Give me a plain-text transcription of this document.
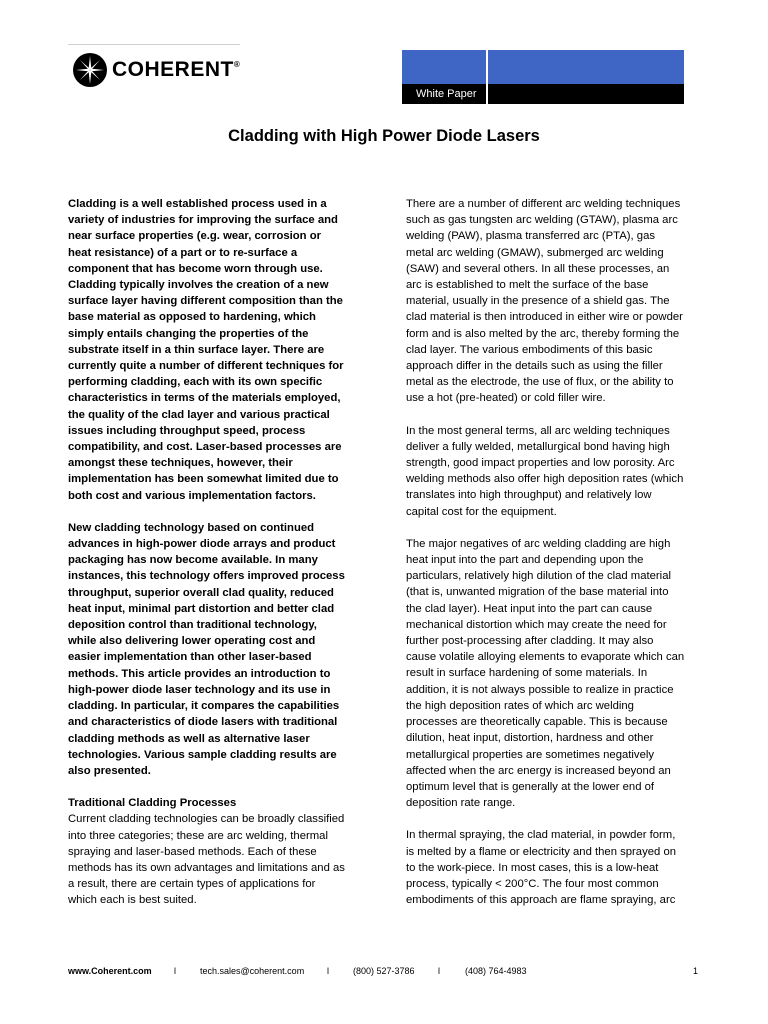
COHERENT®
White Paper
Cladding with High Power Diode Lasers

Cladding is a well established process used in a
variety of industries for improving the surface and
near surface properties (e.g. wear, corrosion or
heat resistance) of a part or to re-surface a
component that has become worn through use.
Cladding typically involves the creation of a new
surface layer having different composition than the
base material as opposed to hardening, which
simply entails changing the properties of the
substrate itself in a thin surface layer. There are
currently quite a number of different techniques for
performing cladding, each with its own specific
characteristics in terms of the materials employed,
the quality of the clad layer and various practical
issues including throughput speed, process
compatibility, and cost. Laser-based processes are
amongst these techniques, however, their
implementation has been somewhat limited due to
both cost and various implementation factors.

New cladding technology based on continued
advances in high-power diode arrays and product
packaging has now become available. In many
instances, this technology offers improved process
throughput, superior overall clad quality, reduced
heat input, minimal part distortion and better clad
deposition control than traditional technology,
while also delivering lower operating cost and
easier implementation than other laser-based
methods. This article provides an introduction to
high-power diode laser technology and its use in
cladding. In particular, it compares the capabilities
and characteristics of diode lasers with traditional
cladding methods as well as alternative laser
technologies. Various sample cladding results are
also presented.

Traditional Cladding Processes
Current cladding technologies can be broadly classified
into three categories; these are arc welding, thermal
spraying and laser-based methods. Each of these
methods has its own advantages and limitations and as
a result, there are certain types of applications for
which each is best suited.

There are a number of different arc welding techniques
such as gas tungsten arc welding (GTAW), plasma arc
welding (PAW), plasma transferred arc (PTA), gas
metal arc welding (GMAW), submerged arc welding
(SAW) and several others. In all these processes, an
arc is established to melt the surface of the base
material, usually in the presence of a shield gas. The
clad material is then introduced in either wire or powder
form and is also melted by the arc, thereby forming the
clad layer. The various embodiments of this basic
approach differ in the details such as using the filler
metal as the electrode, the use of flux, or the ability to
use a hot (pre-heated) or cold filler wire.

In the most general terms, all arc welding techniques
deliver a fully welded, metallurgical bond having high
strength, good impact properties and low porosity. Arc
welding methods also offer high deposition rates (which
translates into high throughput) and relatively low
capital cost for the equipment.

The major negatives of arc welding cladding are high
heat input into the part and depending upon the
particulars, relatively high dilution of the clad material
(that is, unwanted migration of the base material into
the clad layer). Heat input into the part can cause
mechanical distortion which may create the need for
further post-processing after cladding. It may also
cause volatile alloying elements to evaporate which can
result in surface hardening of some materials. In
addition, it is not always possible to realize in practice
the high deposition rates of which arc welding
processes are theoretically capable. This is because
dilution, heat input, distortion, hardness and other
metallurgical properties are sometimes negatively
affected when the arc energy is increased beyond an
optimum level that is generally at the lower end of
deposition rate range.

In thermal spraying, the clad material, in powder form,
is melted by a flame or electricity and then sprayed on
to the work-piece. In most cases, this is a low-heat
process, typically < 200°C. The four most common
embodiments of this approach are flame spraying, arc

www.Coherent.com l	tech.sales@coherent.com	l	(800) 527-3786	l	(408) 764-4983	1
